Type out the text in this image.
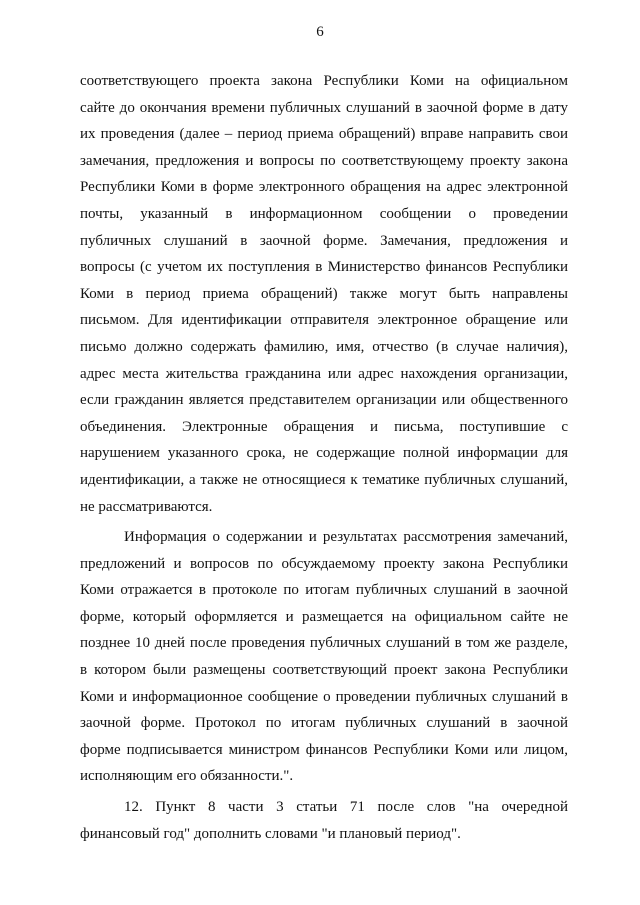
6
соответствующего проекта закона Республики Коми на официальном
сайте до окончания времени публичных слушаний в заочной форме в дату
их проведения (далее – период приема обращений) вправе направить свои
замечания, предложения и вопросы по соответствующему проекту закона
Республики Коми в форме электронного обращения на адрес электронной
почты, указанный в информационном сообщении о проведении
публичных слушаний в заочной форме. Замечания, предложения и
вопросы (с учетом их поступления в Министерство финансов Республики
Коми в период приема обращений) также могут быть направлены
письмом. Для идентификации отправителя электронное обращение или
письмо должно содержать фамилию, имя, отчество (в случае наличия),
адрес места жительства гражданина или адрес нахождения организации,
если гражданин является представителем организации или общественного
объединения. Электронные обращения и письма, поступившие с
нарушением указанного срока, не содержащие полной информации для
идентификации, а также не относящиеся к тематике публичных слушаний,
не рассматриваются.
Информация о содержании и результатах рассмотрения замечаний,
предложений и вопросов по обсуждаемому проекту закона Республики
Коми отражается в протоколе по итогам публичных слушаний в заочной
форме, который оформляется и размещается на официальном сайте не
позднее 10 дней после проведения публичных слушаний в том же разделе,
в котором были размещены соответствующий проект закона Республики
Коми и информационное сообщение о проведении публичных слушаний в
заочной форме. Протокол по итогам публичных слушаний в заочной
форме подписывается министром финансов Республики Коми или лицом,
исполняющим его обязанности.".
12. Пункт 8 части 3 статьи 71 после слов "на очередной
финансовый год" дополнить словами "и плановый период".
